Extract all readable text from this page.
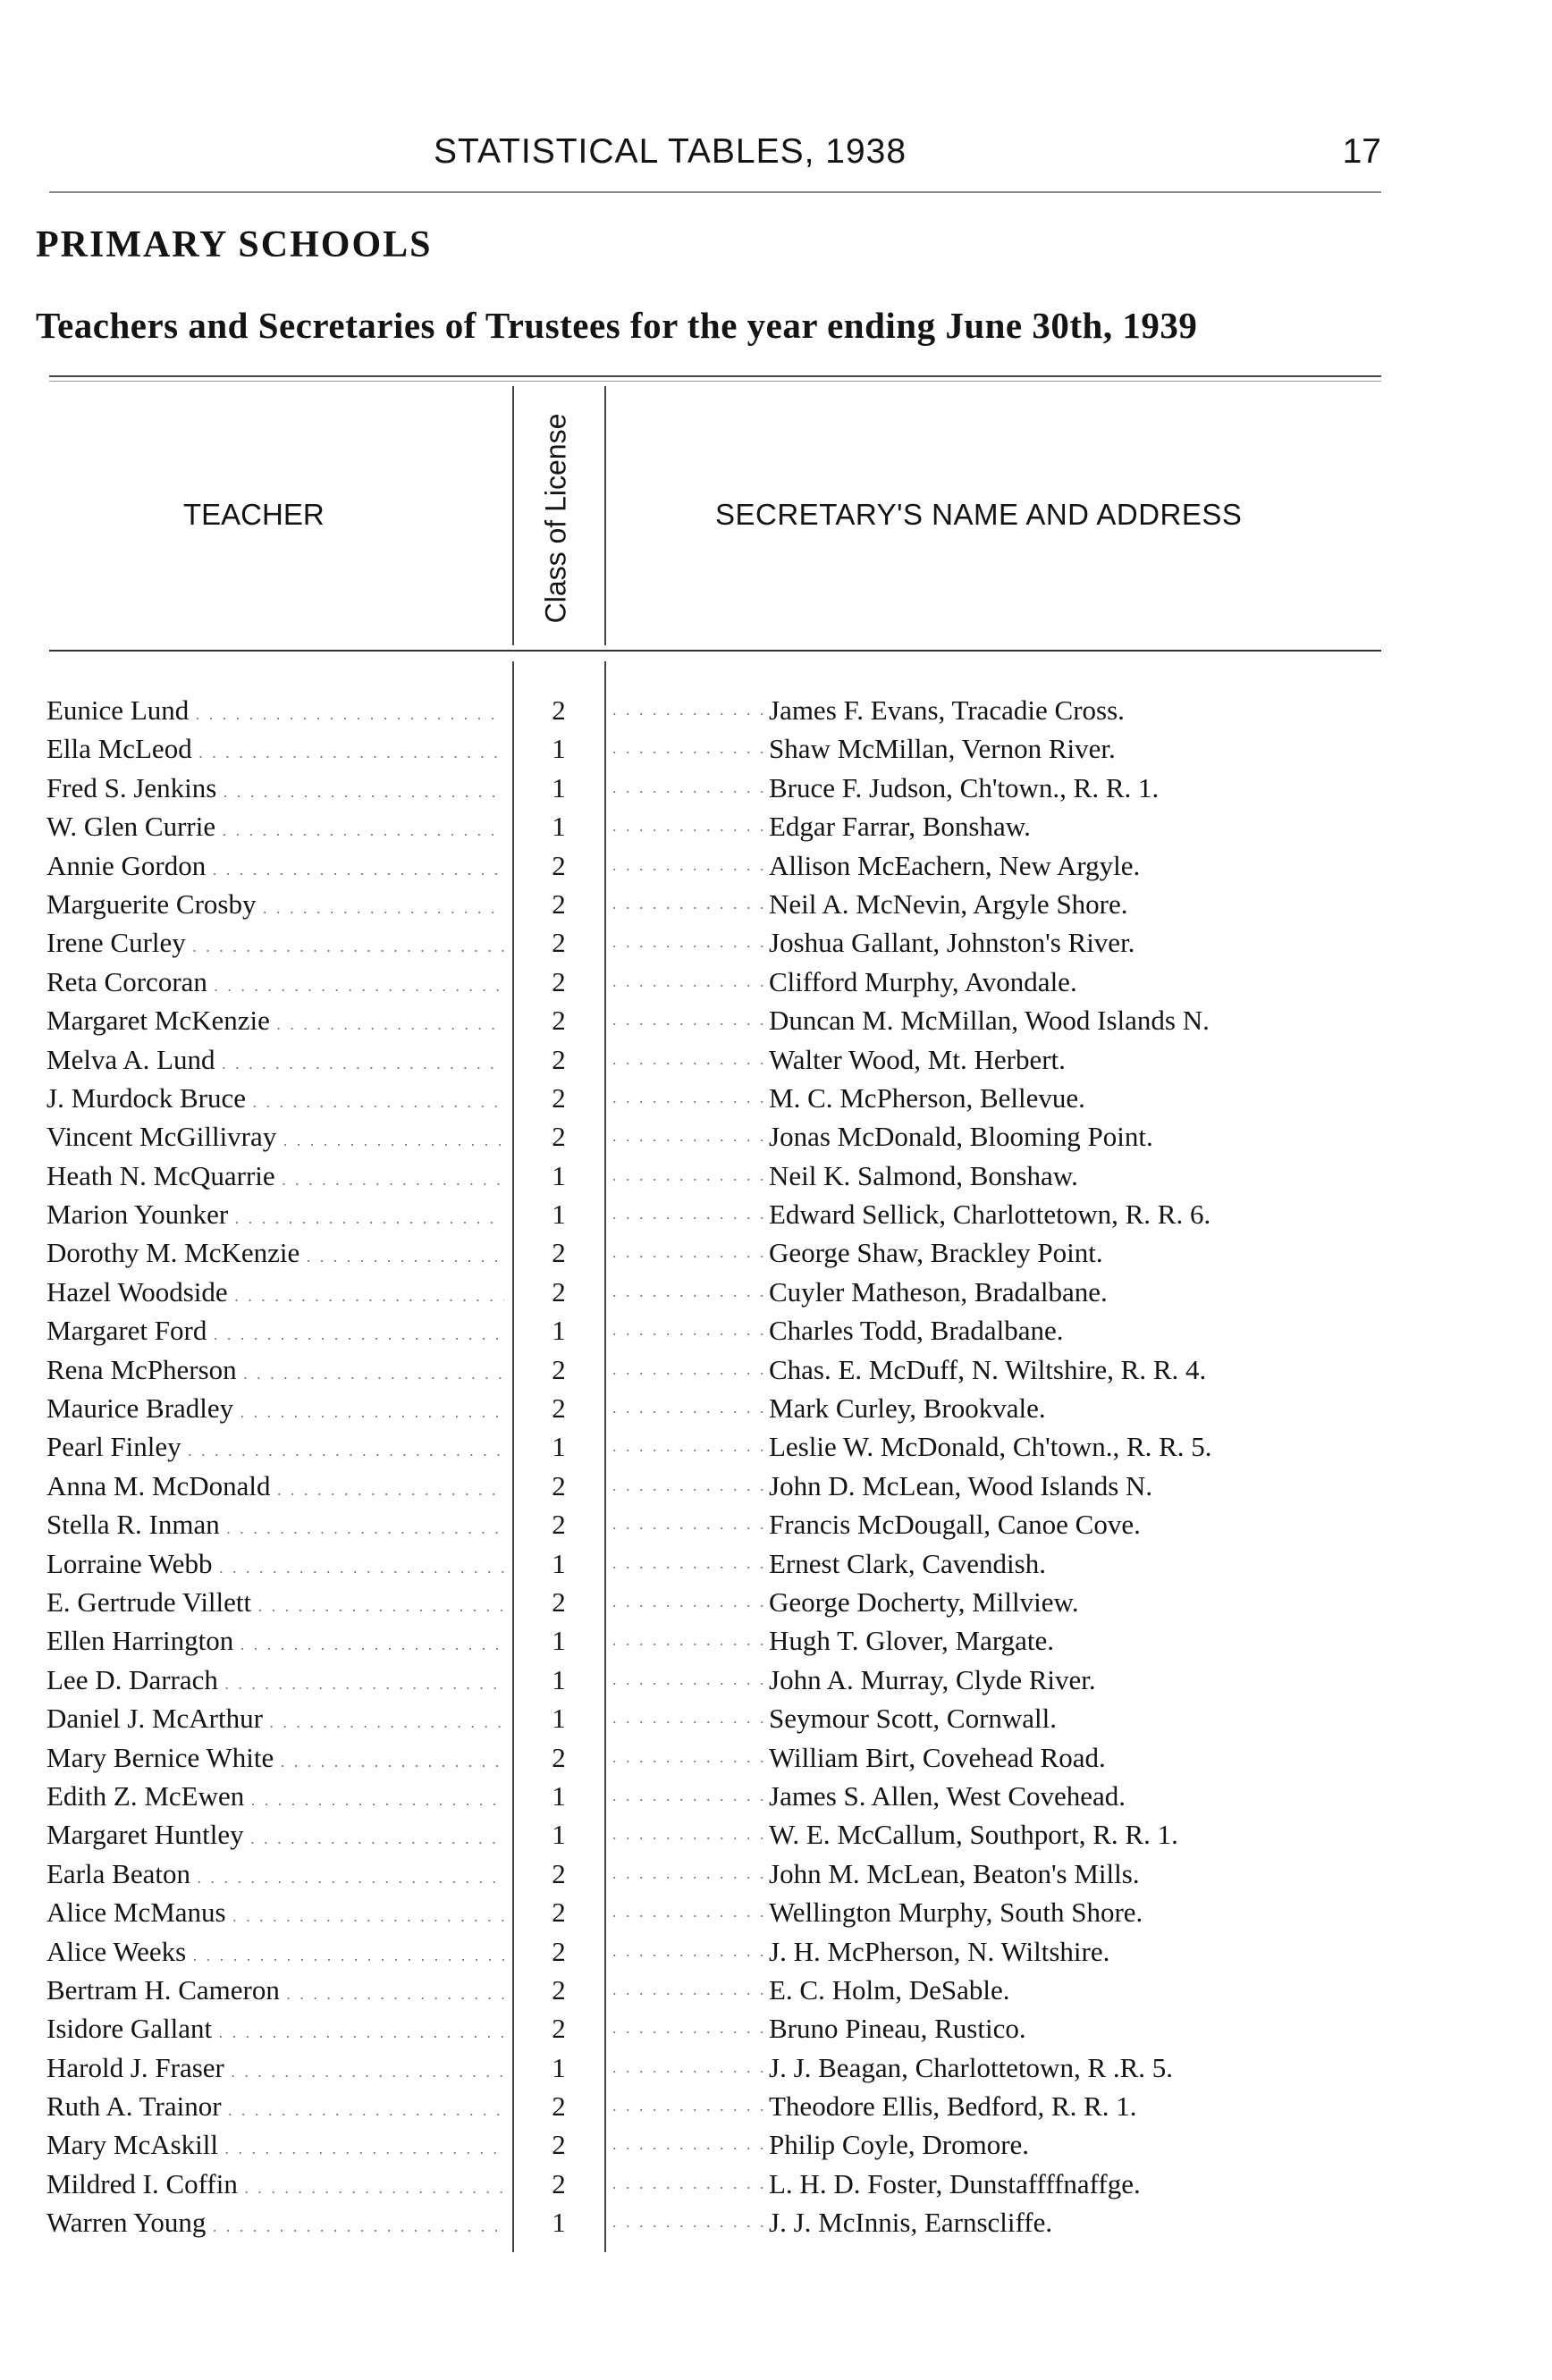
STATISTICAL TABLES, 1938	17
PRIMARY SCHOOLS
Teachers and Secretaries of Trustees for the year ending June 30th, 1939
TEACHER	Class of License	SECRETARY'S NAME AND ADDRESS
Eunice Lund . . .	2 . . .	James F. Evans, Tracadie Cross.
Ella McLeod . . .	1 . . .	Shaw McMillan, Vernon River.
Fred S. Jenkins . . .	1 . . .	Bruce F. Judson, Ch'town., R. R. 1.
W. Glen Currie . . .	1 . . .	Edgar Farrar, Bonshaw.
Annie Gordon . . .	2 . . .	Allison McEachern, New Argyle.
Marguerite Crosby . . .	2 . . .	Neil A. McNevin, Argyle Shore.
Irene Curley . . .	2 . . .	Joshua Gallant, Johnston's River.
Reta Corcoran . . .	2 . . .	Clifford Murphy, Avondale.
Margaret McKenzie . . .	2 . . .	Duncan M. McMillan, Wood Islands N.
Melva A. Lund . . .	2 . . .	Walter Wood, Mt. Herbert.
J. Murdock Bruce . . .	2 . . .	M. C. McPherson, Bellevue.
Vincent McGillivray . . .	2 . . .	Jonas McDonald, Blooming Point.
Heath N. McQuarrie . . .	1 . . .	Neil K. Salmond, Bonshaw.
Marion Younker . . .	1 . . .	Edward Sellick, Charlottetown, R. R. 6.
Dorothy M. McKenzie . . .	2 . . .	George Shaw, Brackley Point.
Hazel Woodside . . .	2 . . .	Cuyler Matheson, Bradalbane.
Margaret Ford . . .	1 . . .	Charles Todd, Bradalbane.
Rena McPherson . . .	2 . . .	Chas. E. McDuff, N. Wiltshire, R. R. 4.
Maurice Bradley . . .	2 . . .	Mark Curley, Brookvale.
Pearl Finley . . .	1 . . .	Leslie W. McDonald, Ch'town., R. R. 5.
Anna M. McDonald . . .	2 . . .	John D. McLean, Wood Islands N.
Stella R. Inman . . .	2 . . .	Francis McDougall, Canoe Cove.
Lorraine Webb . . .	1 . . .	Ernest Clark, Cavendish.
E. Gertrude Villett . . .	2 . . .	George Docherty, Millview.
Ellen Harrington . . .	1 . . .	Hugh T. Glover, Margate.
Lee D. Darrach . . .	1 . . .	John A. Murray, Clyde River.
Daniel J. McArthur . . .	1 . . .	Seymour Scott, Cornwall.
Mary Bernice White . . .	2 . . .	William Birt, Covehead Road.
Edith Z. McEwen . . .	1 . . .	James S. Allen, West Covehead.
Margaret Huntley . . .	1 . . .	W. E. McCallum, Southport, R. R. 1.
Earla Beaton . . .	2 . . .	John M. McLean, Beaton's Mills.
Alice McManus . . .	2 . . .	Wellington Murphy, South Shore.
Alice Weeks . . .	2 . . .	J. H. McPherson, N. Wiltshire.
Bertram H. Cameron . . .	2 . . .	E. C. Holm, DeSable.
Isidore Gallant . . .	2 . . .	Bruno Pineau, Rustico.
Harold J. Fraser . . .	1 . . .	J. J. Beagan, Charlottetown, R .R. 5.
Ruth A. Trainor . . .	2 . . .	Theodore Ellis, Bedford, R. R. 1.
Mary McAskill . . .	2 . . .	Philip Coyle, Dromore.
Mildred I. Coffin . . .	2 . . .	L. H. D. Foster, Dunstaffffnaffge.
Warren Young . . .	1 . . .	J. J. McInnis, Earnscliffe.
